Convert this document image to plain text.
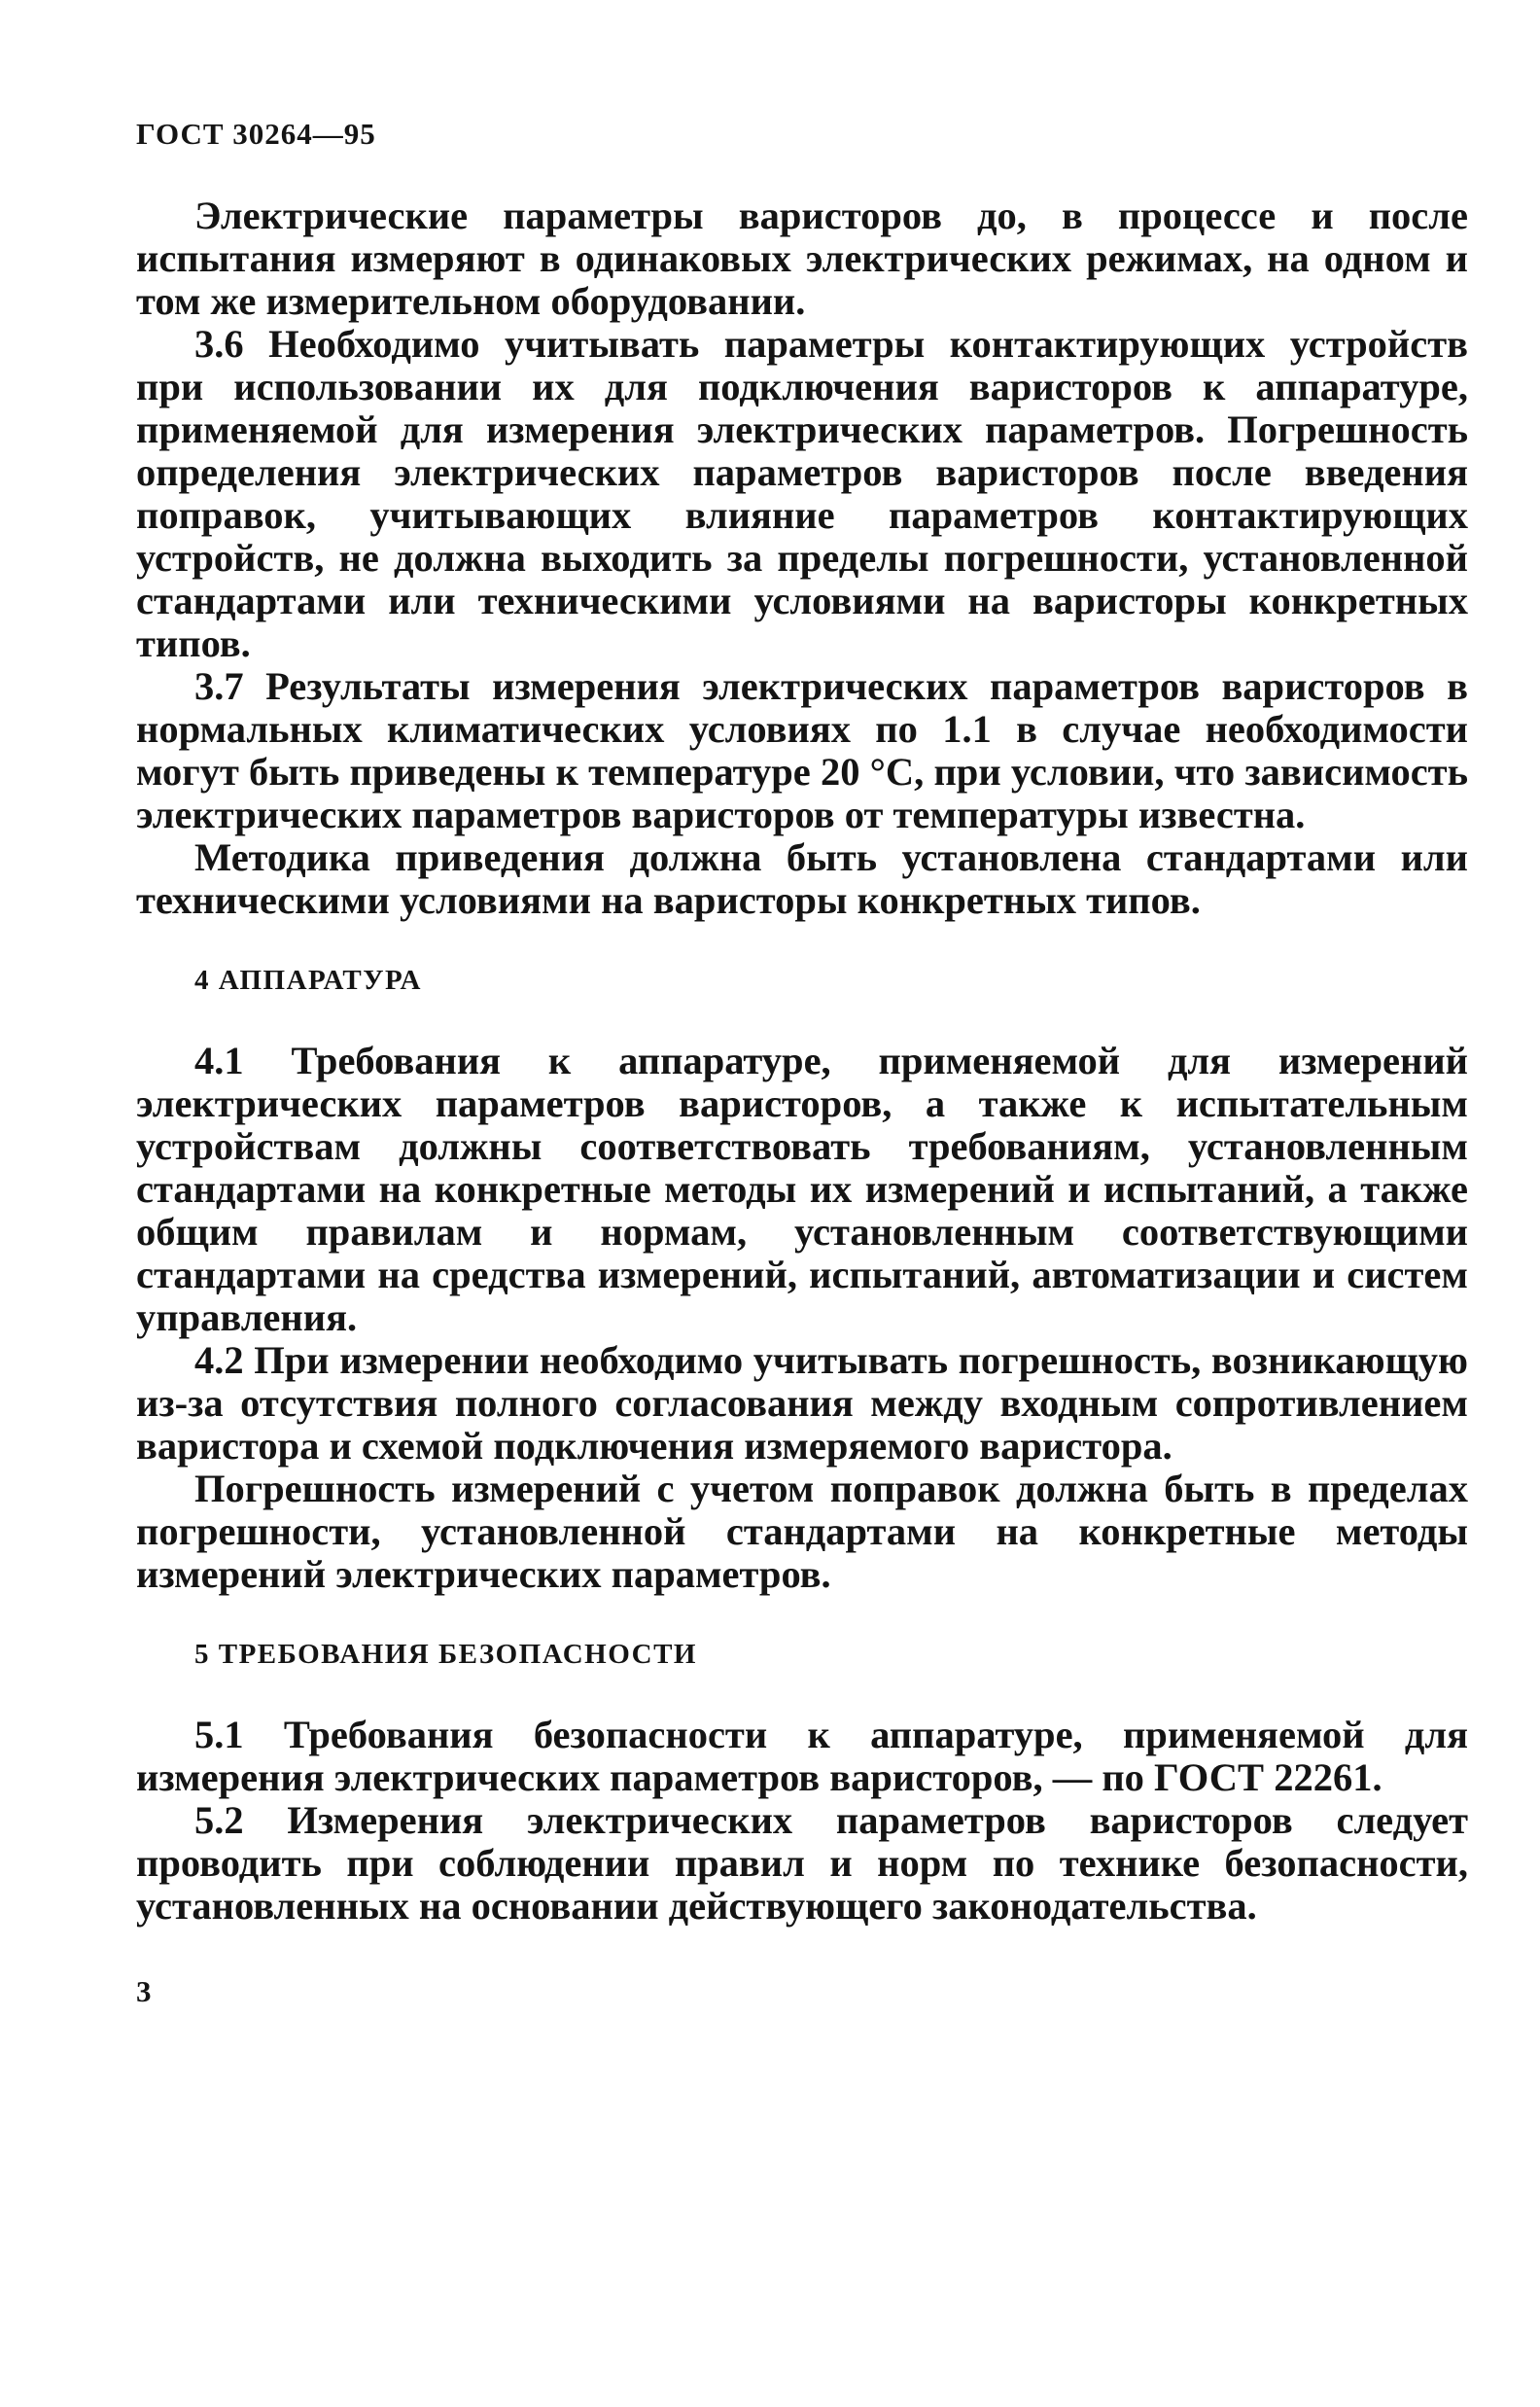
ГОСТ 30264—95

Электрические параметры варисторов до, в процессе и после испытания измеряют в одинаковых электрических режимах, на одном и том же измерительном оборудовании.

3.6 Необходимо учитывать параметры контактирующих устройств при использовании их для подключения варисторов к аппаратуре, применяемой для измерения электрических параметров. Погрешность определения электрических параметров варисторов после введения поправок, учитывающих влияние параметров контактирующих устройств, не должна выходить за пределы погрешности, установленной стандартами или техническими условиями на варисторы конкретных типов.

3.7 Результаты измерения электрических параметров варисторов в нормальных климатических условиях по 1.1 в случае необходимости могут быть приведены к температуре 20 °C, при условии, что зависимость электрических параметров варисторов от температуры известна.

Методика приведения должна быть установлена стандартами или техническими условиями на варисторы конкретных типов.

4 АППАРАТУРА

4.1 Требования к аппаратуре, применяемой для измерений электрических параметров варисторов, а также к испытательным устройствам должны соответствовать требованиям, установленным стандартами на конкретные методы их измерений и испытаний, а также общим правилам и нормам, установленным соответствующими стандартами на средства измерений, испытаний, автоматизации и систем управления.

4.2 При измерении необходимо учитывать погрешность, возникающую из-за отсутствия полного согласования между входным сопротивлением варистора и схемой подключения измеряемого варистора.

Погрешность измерений с учетом поправок должна быть в пределах погрешности, установленной стандартами на конкретные методы измерений электрических параметров.

5 ТРЕБОВАНИЯ БЕЗОПАСНОСТИ

5.1 Требования безопасности к аппаратуре, применяемой для измерения электрических параметров варисторов, — по ГОСТ 22261.

5.2 Измерения электрических параметров варисторов следует проводить при соблюдении правил и норм по технике безопасности, установленных на основании действующего законодательства.

3
